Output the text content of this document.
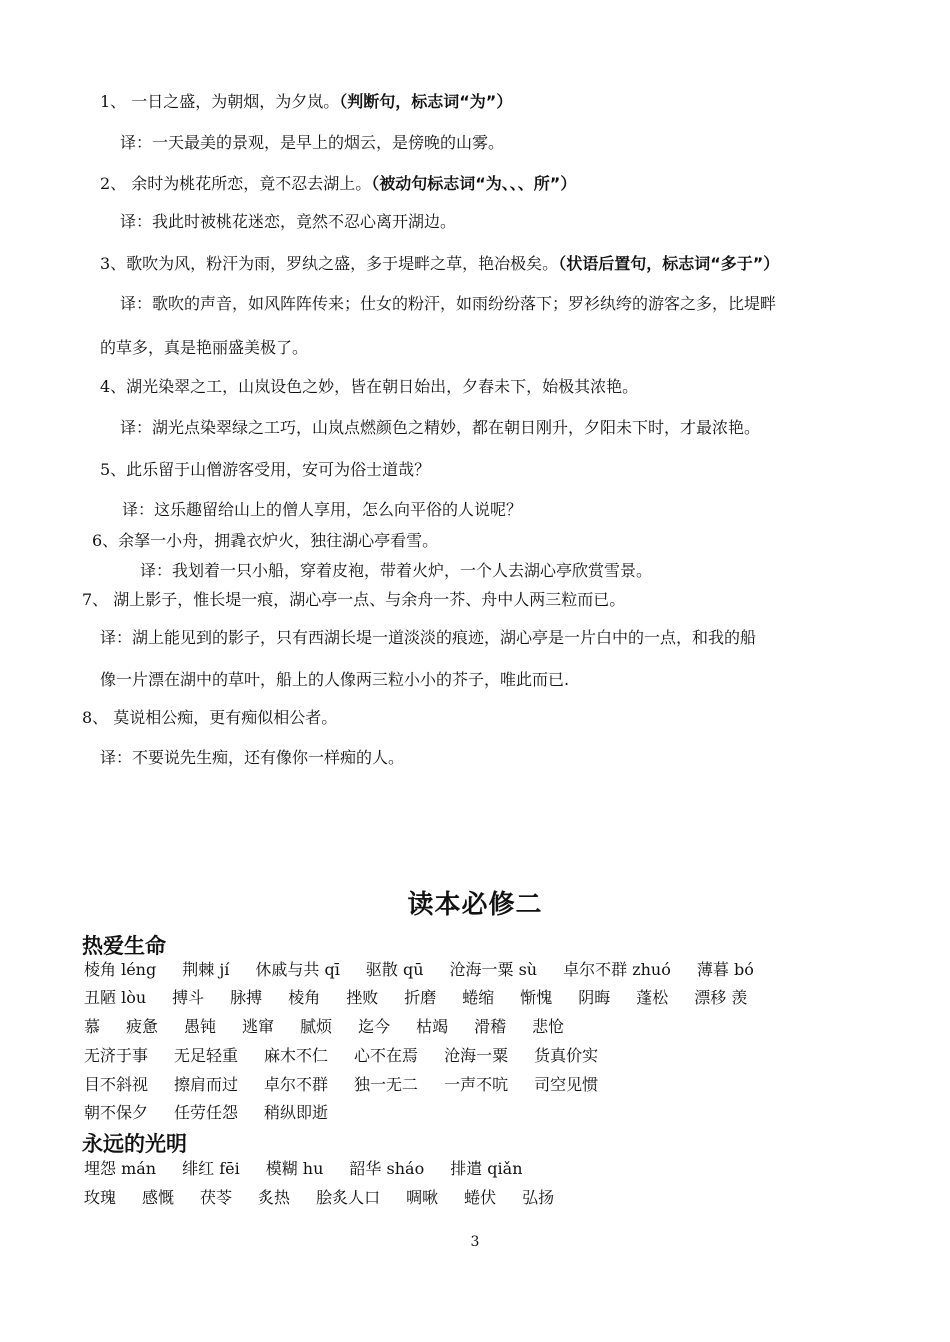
1、 一日之盛，为朝烟，为夕岚。（判断句，标志词“为”）
译：一天最美的景观，是早上的烟云，是傍晚的山雾。
2、 余时为桃花所恋，竟不忍去湖上。（被动句标志词“为、、、所”）
译：我此时被桃花迷恋，竟然不忍心离开湖边。
3、歌吹为风，粉汗为雨，罗纨之盛，多于堤畔之草，艳冶极矣。（状语后置句，标志词“多于”）
译：歌吹的声音，如风阵阵传来；仕女的粉汗，如雨纷纷落下；罗衫纨绔的游客之多，比堤畔
的草多，真是艳丽盛美极了。
4、湖光染翠之工，山岚设色之妙，皆在朝日始出，夕舂未下，始极其浓艳。
译：湖光点染翠绿之工巧，山岚点燃颜色之精妙，都在朝日刚升，夕阳未下时，才最浓艳。
5、此乐留于山僧游客受用，安可为俗士道哉？
译：这乐趣留给山上的僧人享用，怎么向平俗的人说呢？
6、余拏一小舟，拥毳衣炉火，独往湖心亭看雪。
译：我划着一只小船，穿着皮袍，带着火炉，一个人去湖心亭欣赏雪景。
7、 湖上影子，惟长堤一痕，湖心亭一点、与余舟一芥、舟中人两三粒而已。
译：湖上能见到的影子，只有西湖长堤一道淡淡的痕迹，湖心亭是一片白中的一点，和我的船
像一片漂在湖中的草叶，船上的人像两三粒小小的芥子，唯此而已.
8、 莫说相公痴，更有痴似相公者。
译：不要说先生痴，还有像你一样痴的人。
读本必修二
热爱生命
棱角 léng 荆棘 jí 休戚与共 qī 驱散 qū 沧海一粟 sù 卓尔不群 zhuó 薄暮 bó
丑陋 lòu 搏斗 脉搏 棱角 挫败 折磨 蜷缩 惭愧 阴晦 蓬松 漂移 羡
慕 疲惫 愚钝 逃窜 腻烦 迄今 枯竭 滑稽 悲怆
无济于事 无足轻重 麻木不仁 心不在焉 沧海一粟 货真价实
目不斜视 擦肩而过 卓尔不群 独一无二 一声不吭 司空见惯
朝不保夕 任劳任怨 稍纵即逝
永远的光明
埋怨 mán 绯红 fēi 模糊 hu 韶华 sháo 排遣 qiǎn
玫瑰 感慨 茯苓 炙热 脍炙人口 啁啾 蜷伏 弘扬
3
